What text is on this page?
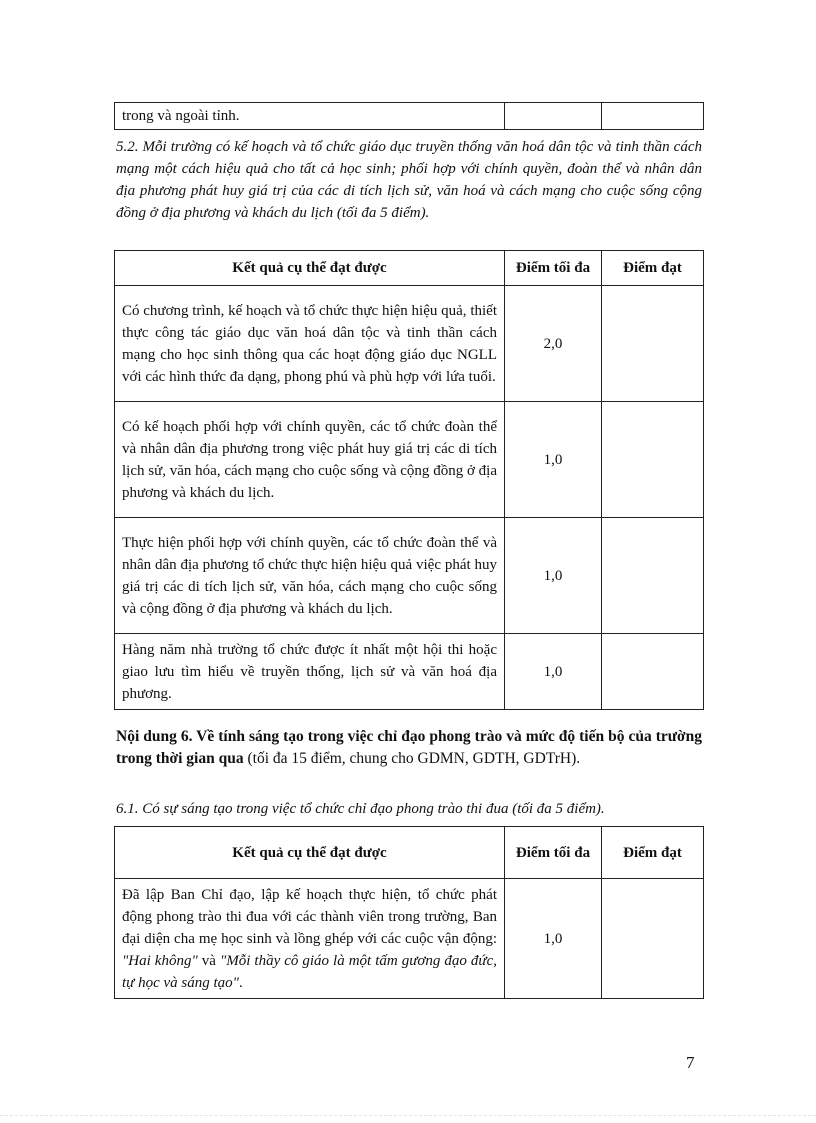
trong và ngoài tỉnh.

5.2. Mỗi trường có kế hoạch và tổ chức giáo dục truyền thống văn hoá dân tộc và tinh thần cách mạng một cách hiệu quả cho tất cả học sinh; phối hợp với chính quyền, đoàn thể và nhân dân địa phương phát huy giá trị của các di tích lịch sử, văn hoá và cách mạng cho cuộc sống cộng đồng ở địa phương và khách du lịch (tối đa 5 điểm).
Kết quả cụ thể đạt được	Điểm tối đa	Điểm đạt

Có chương trình, kế hoạch và tổ chức thực hiện hiệu quả, thiết thực công tác giáo dục văn hoá dân tộc và tinh thần cách mạng cho học sinh thông qua các hoạt động giáo dục NGLL với các hình thức đa dạng, phong phú và phù hợp với lứa tuổi.	2,0	

Có kế hoạch phối hợp với chính quyền, các tổ chức đoàn thể và nhân dân địa phương trong việc phát huy giá trị các di tích lịch sử, văn hóa, cách mạng cho cuộc sống và cộng đồng ở địa phương và khách du lịch.	1,0	

Thực hiện phối hợp với chính quyền, các tổ chức đoàn thể và nhân dân địa phương tổ chức thực hiện hiệu quả việc phát huy giá trị các di tích lịch sử, văn hóa, cách mạng cho cuộc sống và cộng đồng ở địa phương và khách du lịch.	1,0	

Hàng năm nhà trường tổ chức được ít nhất một hội thi hoặc giao lưu tìm hiểu về truyền thống, lịch sử và văn hoá địa phương.	1,0	
Nội dung 6. Về tính sáng tạo trong việc chỉ đạo phong trào và mức độ tiến bộ của trường trong thời gian qua (tối đa 15 điểm, chung cho GDMN, GDTH, GDTrH).
6.1. Có sự sáng tạo trong việc tổ chức chỉ đạo phong trào thi đua (tối đa 5 điểm).
Kết quả cụ thể đạt được	Điểm tối đa	Điểm đạt

Đã lập Ban Chỉ đạo, lập kế hoạch thực hiện, tổ chức phát động phong trào thi đua với các thành viên trong trường, Ban đại diện cha mẹ học sinh và lồng ghép với các cuộc vận động: "Hai không" và "Mỗi thầy cô giáo là một tấm gương đạo đức, tự học và sáng tạo".	1,0	
7
